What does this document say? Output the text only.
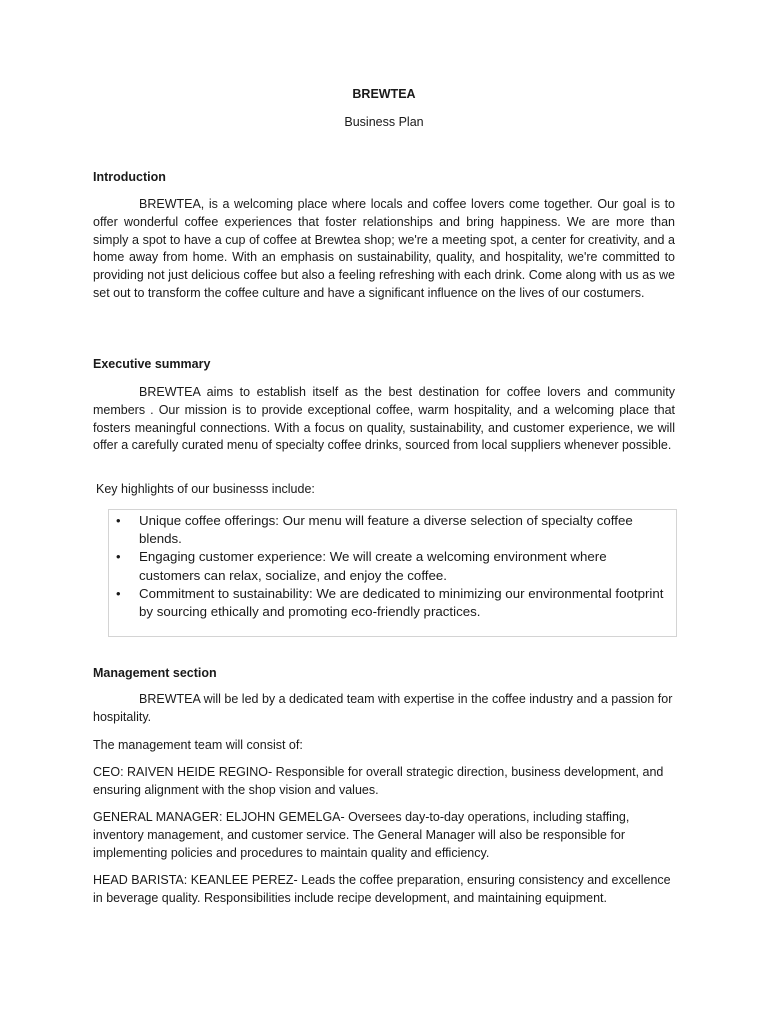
BREWTEA

Business Plan

Introduction

BREWTEA, is a welcoming place where locals and coffee lovers come together. Our goal is to offer wonderful coffee experiences that foster relationships and bring happiness. We are more than simply a spot to have a cup of coffee at Brewtea shop; we're a meeting spot, a center for creativity, and a home away from home. With an emphasis on sustainability, quality, and hospitality, we're committed to providing not just delicious coffee but also a feeling refreshing with each drink. Come along with us as we set out to transform the coffee culture and have a significant influence on the lives of our costumers.

Executive summary

BREWTEA aims to establish itself as the best destination for coffee lovers and community members . Our mission is to provide exceptional coffee, warm hospitality, and a welcoming place that fosters meaningful connections. With a focus on quality, sustainability, and customer experience, we will offer a carefully curated menu of specialty coffee drinks, sourced from local suppliers whenever possible.

Key highlights of our businesss include:

• Unique coffee offerings: Our menu will feature a diverse selection of specialty coffee blends.
• Engaging customer experience: We will create a welcoming environment where customers can relax, socialize, and enjoy the coffee.
• Commitment to sustainability: We are dedicated to minimizing our environmental footprint by sourcing ethically and promoting eco-friendly practices.

Management section

BREWTEA will be led by a dedicated team with expertise in the coffee industry and a passion for hospitality.

The management team will consist of:

CEO: RAIVEN HEIDE REGINO- Responsible for overall strategic direction, business development, and ensuring alignment with the shop vision and values.

GENERAL MANAGER: ELJOHN GEMELGA- Oversees day-to-day operations, including staffing, inventory management, and customer service. The General Manager will also be responsible for implementing policies and procedures to maintain quality and efficiency.

HEAD BARISTA: KEANLEE PEREZ- Leads the coffee preparation, ensuring consistency and excellence in beverage quality. Responsibilities include recipe development, and maintaining equipment.
